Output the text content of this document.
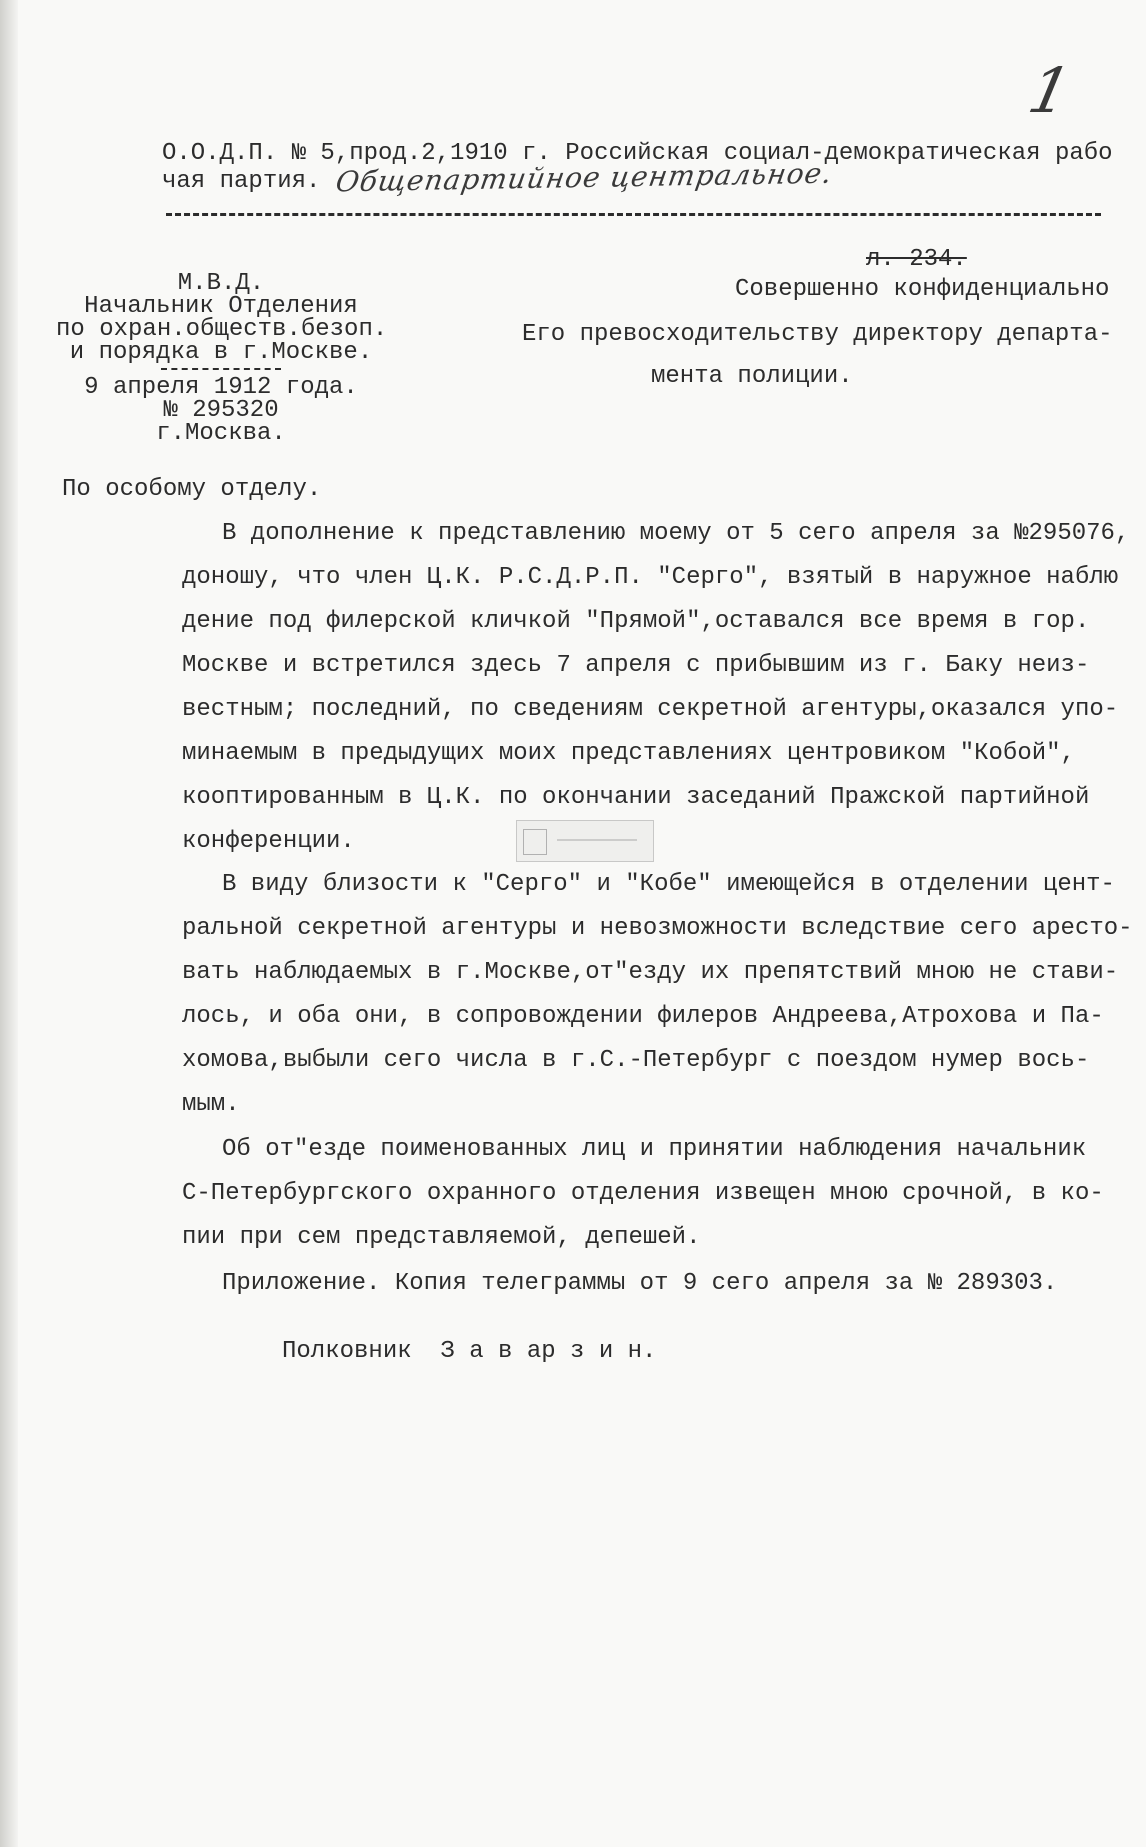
1
О.О.Д.П. № 5,прод.2,1910 г. Российская социал-демократическая рабо
чая партия. Общепартийное центральное.
л. 234.
М.В.Д.
Начальник Отделения
по охран.обществ.безоп.
и порядка в г.Москве.
9 апреля 1912 года.
№ 295320
г.Москва.
Совершенно конфиденциально
Его превосходительству директору департа-
мента полиции.
По особому отделу.
В дополнение к представлению моему от 5 сего апреля за №295076,
доношу, что член Ц.К. Р.С.Д.Р.П. "Серго", взятый в наружное наблю
дение под филерской кличкой "Прямой",оставался все время в гор.
Москве и встретился здесь 7 апреля с прибывшим из г. Баку неиз-
вестным; последний, по сведениям секретной агентуры,оказался упо-
минаемым в предыдущих моих представлениях центровиком "Кобой",
кооптированным в Ц.К. по окончании заседаний Пражской партийной
конференции.
В виду близости к "Серго" и "Кобе" имеющейся в отделении цент-
ральной секретной агентуры и невозможности вследствие сего аресто-
вать наблюдаемых в г.Москве,от"езду их препятствий мною не стави-
лось, и оба они, в сопровождении филеров Андреева,Атрохова и Па-
хомова,выбыли сего числа в г.С.-Петербург с поездом нумер вось-
мым.
Об от"езде поименованных лиц и принятии наблюдения начальник
С-Петербургского охранного отделения извещен мною срочной, в ко-
пии при сем представляемой, депешей.
Приложение. Копия телеграммы от 9 сего апреля за № 289303.
Полковник  З а в ар з и н.
